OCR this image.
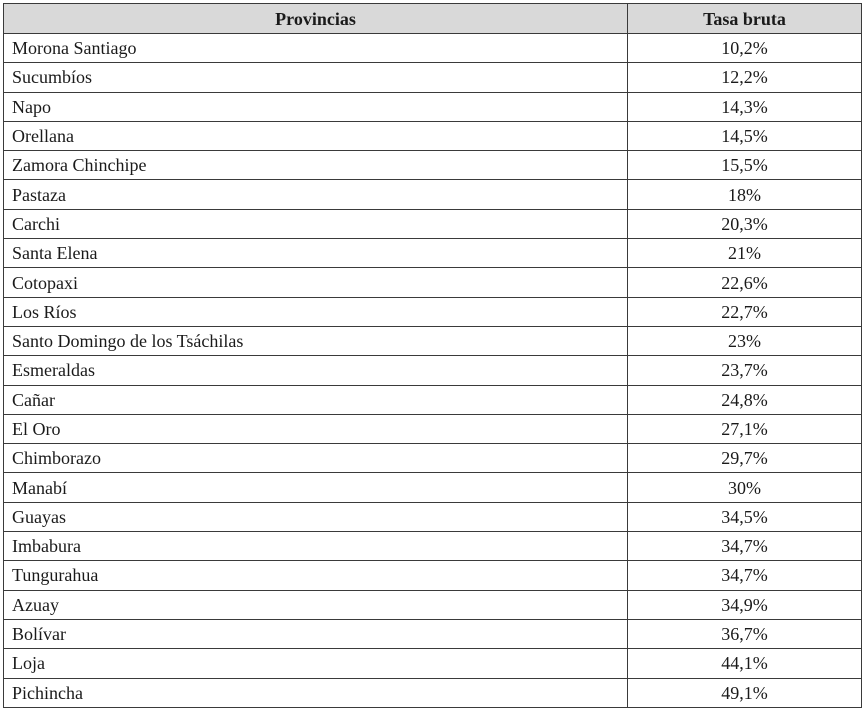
Provincias	Tasa bruta
Morona Santiago	10,2%
Sucumbíos	12,2%
Napo	14,3%
Orellana	14,5%
Zamora Chinchipe	15,5%
Pastaza	18%
Carchi	20,3%
Santa Elena	21%
Cotopaxi	22,6%
Los Ríos	22,7%
Santo Domingo de los Tsáchilas	23%
Esmeraldas	23,7%
Cañar	24,8%
El Oro	27,1%
Chimborazo	29,7%
Manabí	30%
Guayas	34,5%
Imbabura	34,7%
Tungurahua	34,7%
Azuay	34,9%
Bolívar	36,7%
Loja	44,1%
Pichincha	49,1%
